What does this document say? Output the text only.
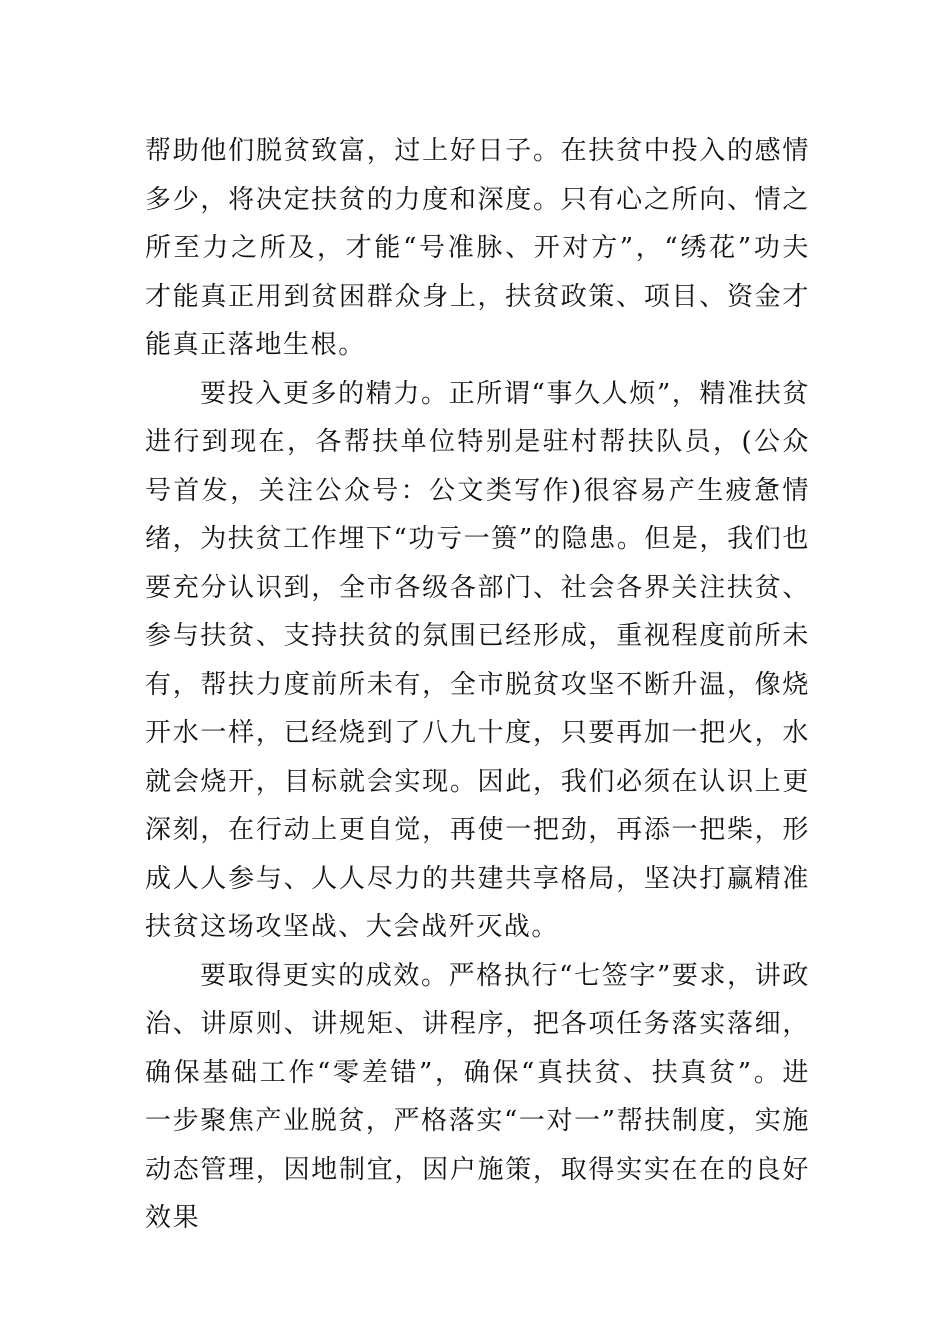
帮助他们脱贫致富，过上好日子。在扶贫中投入的感情多少，将决定扶贫的力度和深度。只有心之所向、情之所至力之所及，才能“号准脉、开对方”，“绣花”功夫才能真正用到贫困群众身上，扶贫政策、项目、资金才能真正落地生根。

要投入更多的精力。正所谓“事久人烦”，精准扶贫进行到现在，各帮扶单位特别是驻村帮扶队员，(公众号首发，关注公众号：公文类写作)很容易产生疲惫情绪，为扶贫工作埋下“功亏一篑”的隐患。但是，我们也要充分认识到，全市各级各部门、社会各界关注扶贫、参与扶贫、支持扶贫的氛围已经形成，重视程度前所未有，帮扶力度前所未有，全市脱贫攻坚不断升温，像烧开水一样，已经烧到了八九十度，只要再加一把火，水就会烧开，目标就会实现。因此，我们必须在认识上更深刻，在行动上更自觉，再使一把劲，再添一把柴，形成人人参与、人人尽力的共建共享格局，坚决打赢精准扶贫这场攻坚战、大会战歼灭战。

要取得更实的成效。严格执行“七签字”要求，讲政治、讲原则、讲规矩、讲程序，把各项任务落实落细，确保基础工作“零差错”，确保“真扶贫、扶真贫”。进一步聚焦产业脱贫，严格落实“一对一”帮扶制度，实施动态管理，因地制宜，因户施策，取得实实在在的良好效果
